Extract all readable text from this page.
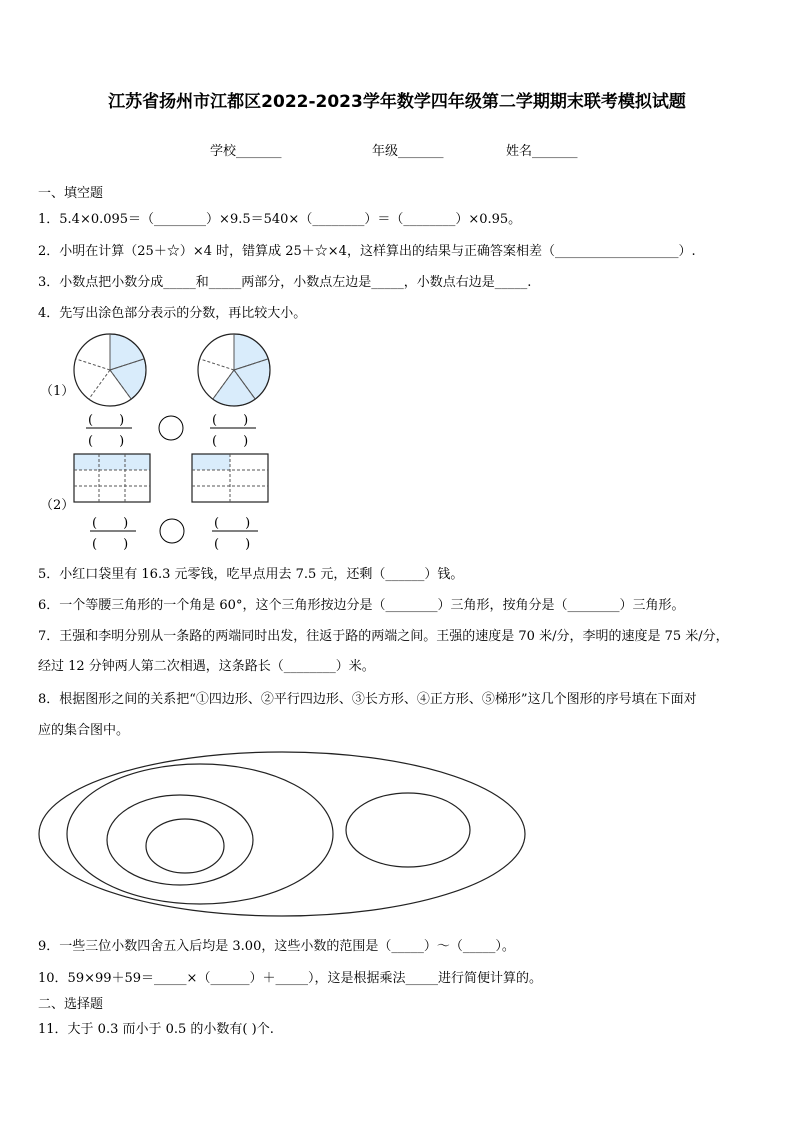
江苏省扬州市江都区2022-2023学年数学四年级第二学期期末联考模拟试题
学校_______	年级_______	姓名_______
一、填空题
1．5.4×0.095＝（________）×9.5＝540×（________）＝（________）×0.95。
2．小明在计算（25＋☆）×4 时，错算成 25＋☆×4，这样算出的结果与正确答案相差（___________________）.
3．小数点把小数分成_____和_____两部分，小数点左边是_____，小数点右边是_____.
4．先写出涂色部分表示的分数，再比较大小。
（1）
（2）
(　　)
(　　)
(　　)
(　　)
(　　)
(　　)
(　　)
(　　)
5．小红口袋里有 16.3 元零钱，吃早点用去 7.5 元，还剩（______）钱。
6．一个等腰三角形的一个角是 60°，这个三角形按边分是（________）三角形，按角分是（________）三角形。
7．王强和李明分别从一条路的两端同时出发，往返于路的两端之间。王强的速度是 70 米/分，李明的速度是 75 米/分，
经过 12 分钟两人第二次相遇，这条路长（________）米。
8．根据图形之间的关系把“①四边形、②平行四边形、③长方形、④正方形、⑤梯形”这几个图形的序号填在下面对
应的集合图中。
9．一些三位小数四舍五入后均是 3.00，这些小数的范围是（_____）～（_____）。
10．59×99＋59＝_____×（______）＋_____），这是根据乘法_____进行简便计算的。
二、选择题
11．大于 0.3 而小于 0.5 的小数有( )个.
